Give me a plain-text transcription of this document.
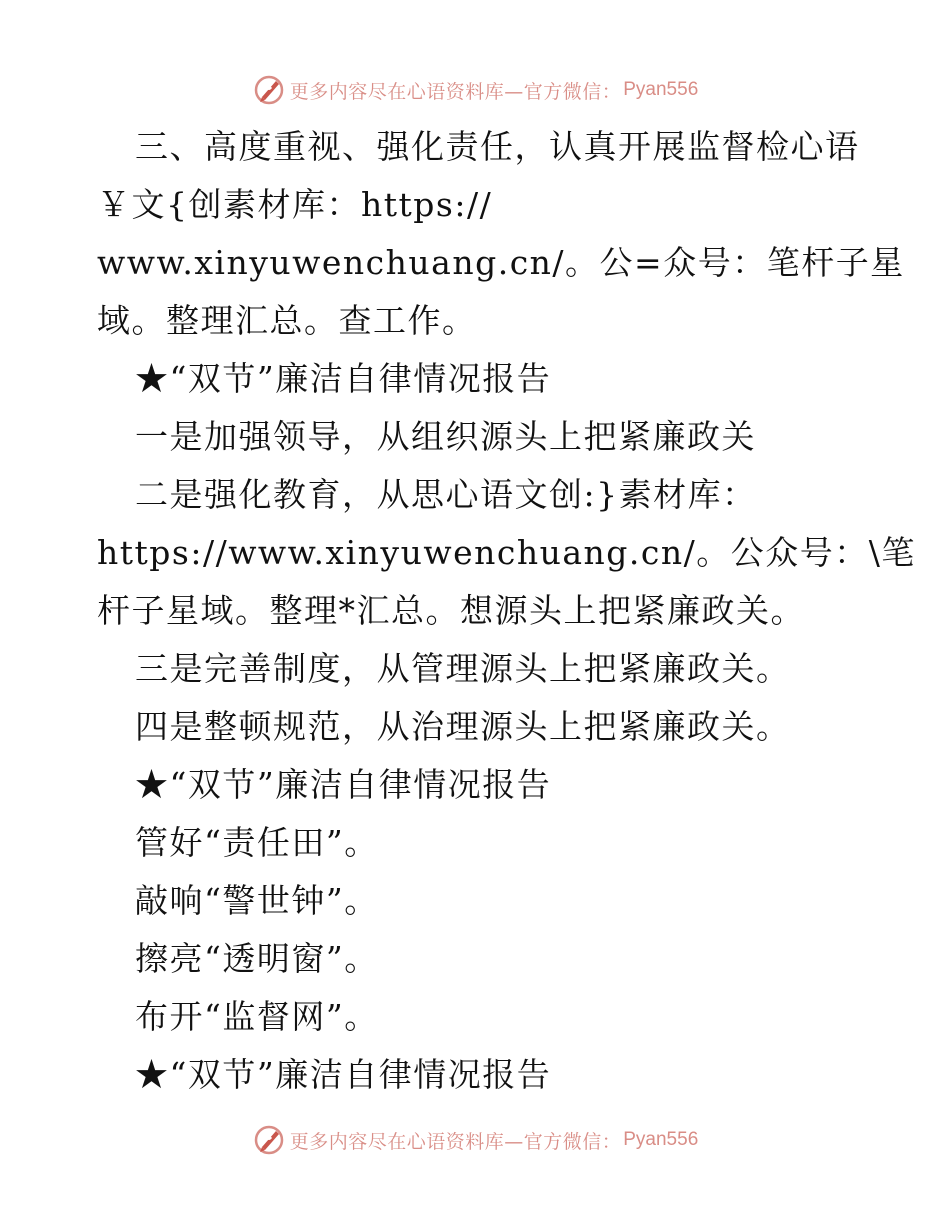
更多内容尽在心语资料库—官方微信： Pyan556
三、高度重视、强化责任，认真开展监督检心语
￥文{创素材库：https://
www.xinyuwenchuang.cn/。公=众号：笔杆子星
域。整理汇总。查工作。
★“双节”廉洁自律情况报告
一是加强领导，从组织源头上把紧廉政关
二是强化教育，从思心语文创:}素材库：
https://www.xinyuwenchuang.cn/。公众号：\笔
杆子星域。整理*汇总。想源头上把紧廉政关。
三是完善制度，从管理源头上把紧廉政关。
四是整顿规范，从治理源头上把紧廉政关。
★“双节”廉洁自律情况报告
管好“责任田”。
敲响“警世钟”。
擦亮“透明窗”。
布开“监督网”。
★“双节”廉洁自律情况报告
更多内容尽在心语资料库—官方微信： Pyan556
